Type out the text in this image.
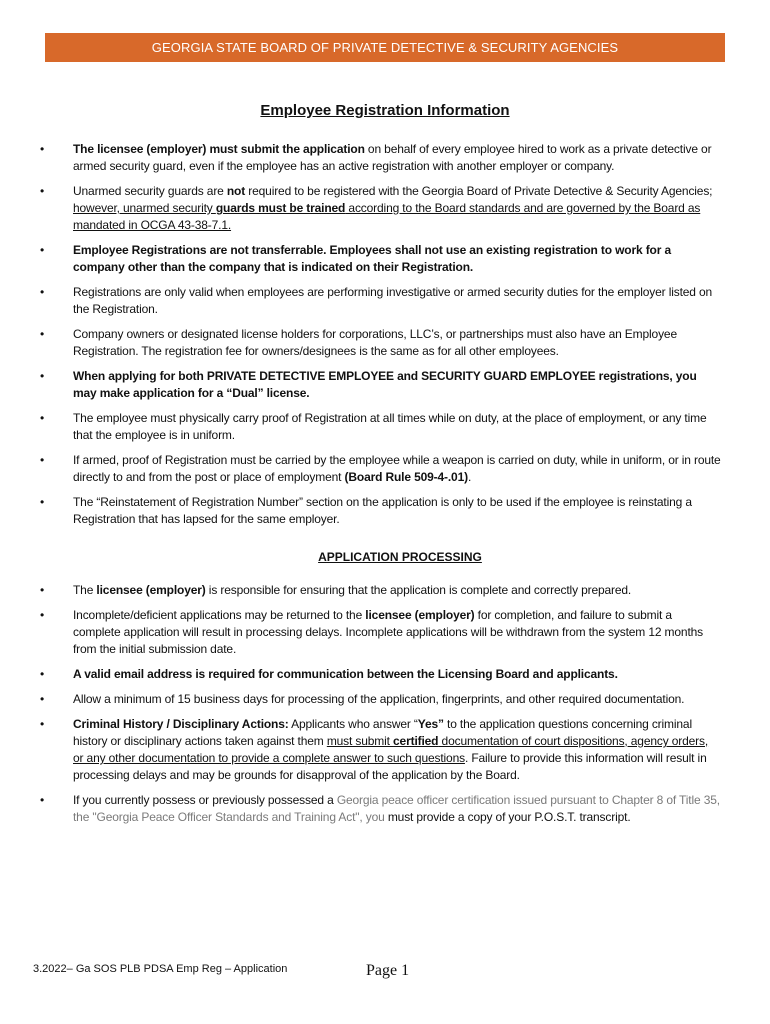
GEORGIA STATE BOARD OF PRIVATE DETECTIVE & SECURITY AGENCIES
Employee Registration Information
• The licensee (employer) must submit the application on behalf of every employee hired to work as a private detective or armed security guard, even if the employee has an active registration with another employer or company.
• Unarmed security guards are not required to be registered with the Georgia Board of Private Detective & Security Agencies; however, unarmed security guards must be trained according to the Board standards and are governed by the Board as mandated in OCGA 43-38-7.1.
• Employee Registrations are not transferrable. Employees shall not use an existing registration to work for a company other than the company that is indicated on their Registration.
• Registrations are only valid when employees are performing investigative or armed security duties for the employer listed on the Registration.
• Company owners or designated license holders for corporations, LLC’s, or partnerships must also have an Employee Registration. The registration fee for owners/designees is the same as for all other employees.
• When applying for both PRIVATE DETECTIVE EMPLOYEE and SECURITY GUARD EMPLOYEE registrations, you may make application for a “Dual” license.
• The employee must physically carry proof of Registration at all times while on duty, at the place of employment, or any time that the employee is in uniform.
• If armed, proof of Registration must be carried by the employee while a weapon is carried on duty, while in uniform, or in route directly to and from the post or place of employment (Board Rule 509-4-.01).
• The “Reinstatement of Registration Number” section on the application is only to be used if the employee is reinstating a Registration that has lapsed for the same employer.
APPLICATION PROCESSING
• The licensee (employer) is responsible for ensuring that the application is complete and correctly prepared.
• Incomplete/deficient applications may be returned to the licensee (employer) for completion, and failure to submit a complete application will result in processing delays. Incomplete applications will be withdrawn from the system 12 months from the initial submission date.
• A valid email address is required for communication between the Licensing Board and applicants.
• Allow a minimum of 15 business days for processing of the application, fingerprints, and other required documentation.
• Criminal History / Disciplinary Actions: Applicants who answer “Yes” to the application questions concerning criminal history or disciplinary actions taken against them must submit certified documentation of court dispositions, agency orders, or any other documentation to provide a complete answer to such questions. Failure to provide this information will result in processing delays and may be grounds for disapproval of the application by the Board.
• If you currently possess or previously possessed a Georgia peace officer certification issued pursuant to Chapter 8 of Title 35, the "Georgia Peace Officer Standards and Training Act", you must provide a copy of your P.O.S.T. transcript.
3.2022– Ga SOS PLB PDSA Emp Reg – Application	Page 1
